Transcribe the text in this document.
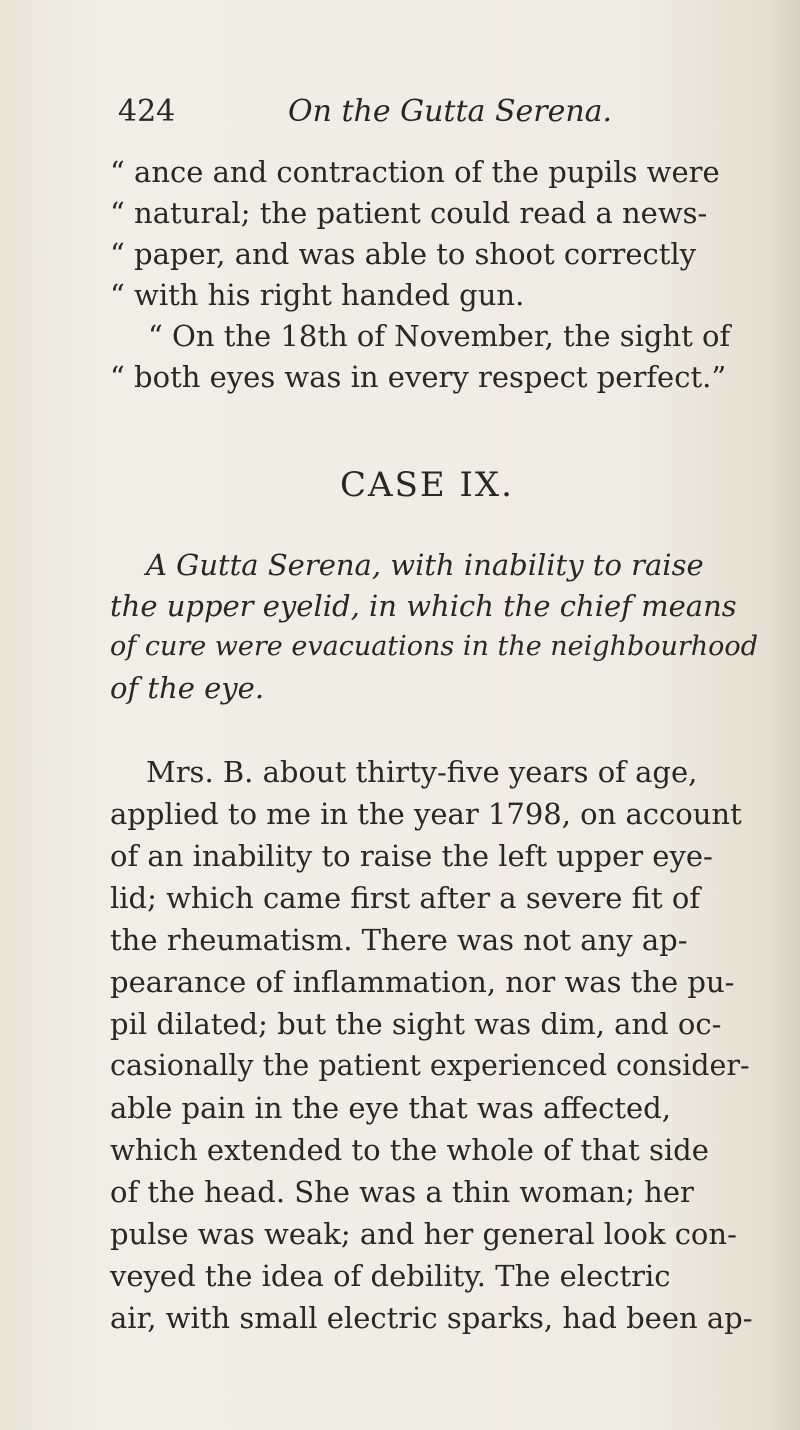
424	On the Gutta Serena.
“ ance and contraction of the pupils were
“ natural; the patient could read a news-
“ paper, and was able to shoot correctly
“ with his right handed gun.
“ On the 18th of November, the sight of
“ both eyes was in every respect perfect.”
CASE IX.
A Gutta Serena, with inability to raise
the upper eyelid, in which the chief means
of cure were evacuations in the neighbourhood
of the eye.
Mrs. B. about thirty-five years of age,
applied to me in the year 1798, on account
of an inability to raise the left upper eye-
lid; which came first after a severe fit of
the rheumatism. There was not any ap-
pearance of inflammation, nor was the pu-
pil dilated; but the sight was dim, and oc-
casionally the patient experienced consider-
able pain in the eye that was affected,
which extended to the whole of that side
of the head. She was a thin woman; her
pulse was weak; and her general look con-
veyed the idea of debility. The electric
air, with small electric sparks, had been ap-
